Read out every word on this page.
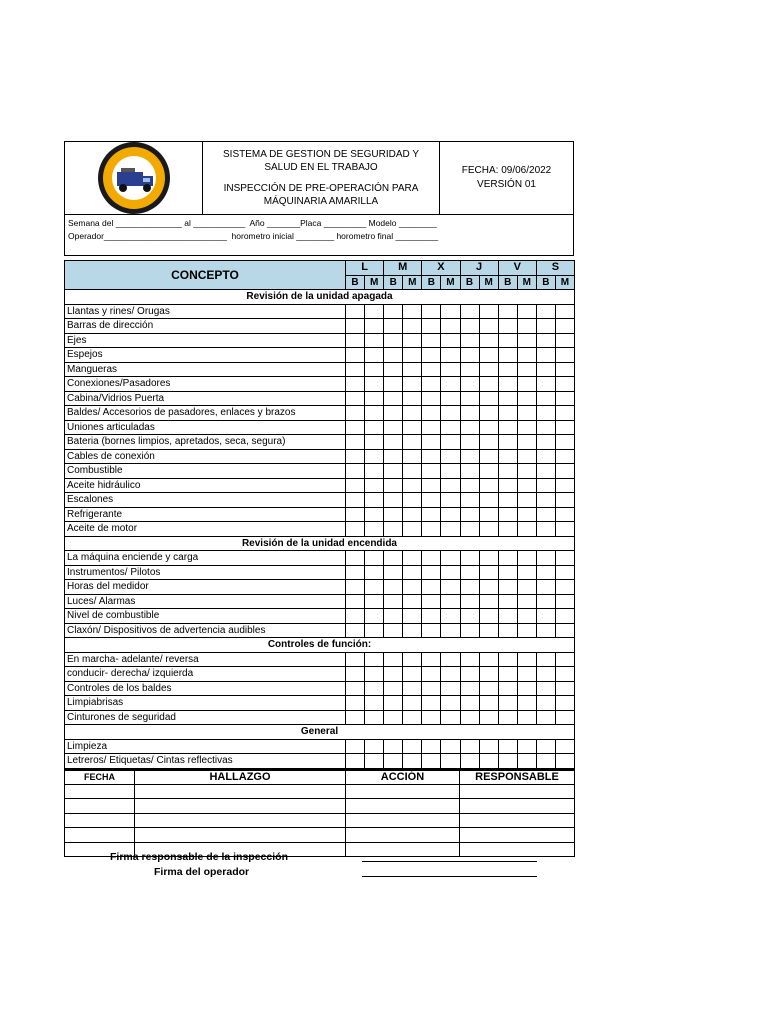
SISTEMA DE GESTION DE SEGURIDAD Y
SALUD EN EL TRABAJO
INSPECCIÓN DE PRE-OPERACIÓN PARA
MÁQUINARIA AMARILLA
FECHA: 09/06/2022
VERSIÓN 01
Semana del ______________ al ___________  Año _______Placa _________ Modelo ________
Operador__________________________  horometro inicial ________ horometro final _________
CONCEPTO	L		M		X		J		V		S	
	B	M	B	M	B	M	B	M	B	M	B	M
Revisión de la unidad apagada												
Llantas y rines/ Orugas												
Barras de dirección												
Ejes												
Espejos												
Mangueras												
Conexiones/Pasadores												
Cabina/Vidrios Puerta												
Baldes/ Accesorios de pasadores, enlaces y brazos												
Uniones articuladas												
Bateria (bornes limpios, apretados, seca, segura)												
Cables de conexión												
Combustible												
Aceite hidráulico												
Escalones												
Refrigerante												
Aceite de motor												
Revisión de la unidad encendida												
La máquina enciende y carga												
Instrumentos/ Pilotos												
Horas del medidor												
Luces/ Alarmas												
Nivel de combustible												
Claxón/ Dispositivos de advertencia audibles												
Controles de función:												
En marcha- adelante/ reversa												
conducir- derecha/ izquierda												
Controles de los baldes												
Limpiabrisas												
Cinturones de seguridad												
General												
Limpieza												
Letreros/ Etiquetas/ Cintas reflectivas												
FECHA	HALLAZGO	ACCIÓN	RESPONSABLE

Firma responsable de la inspección
Firma del operador
